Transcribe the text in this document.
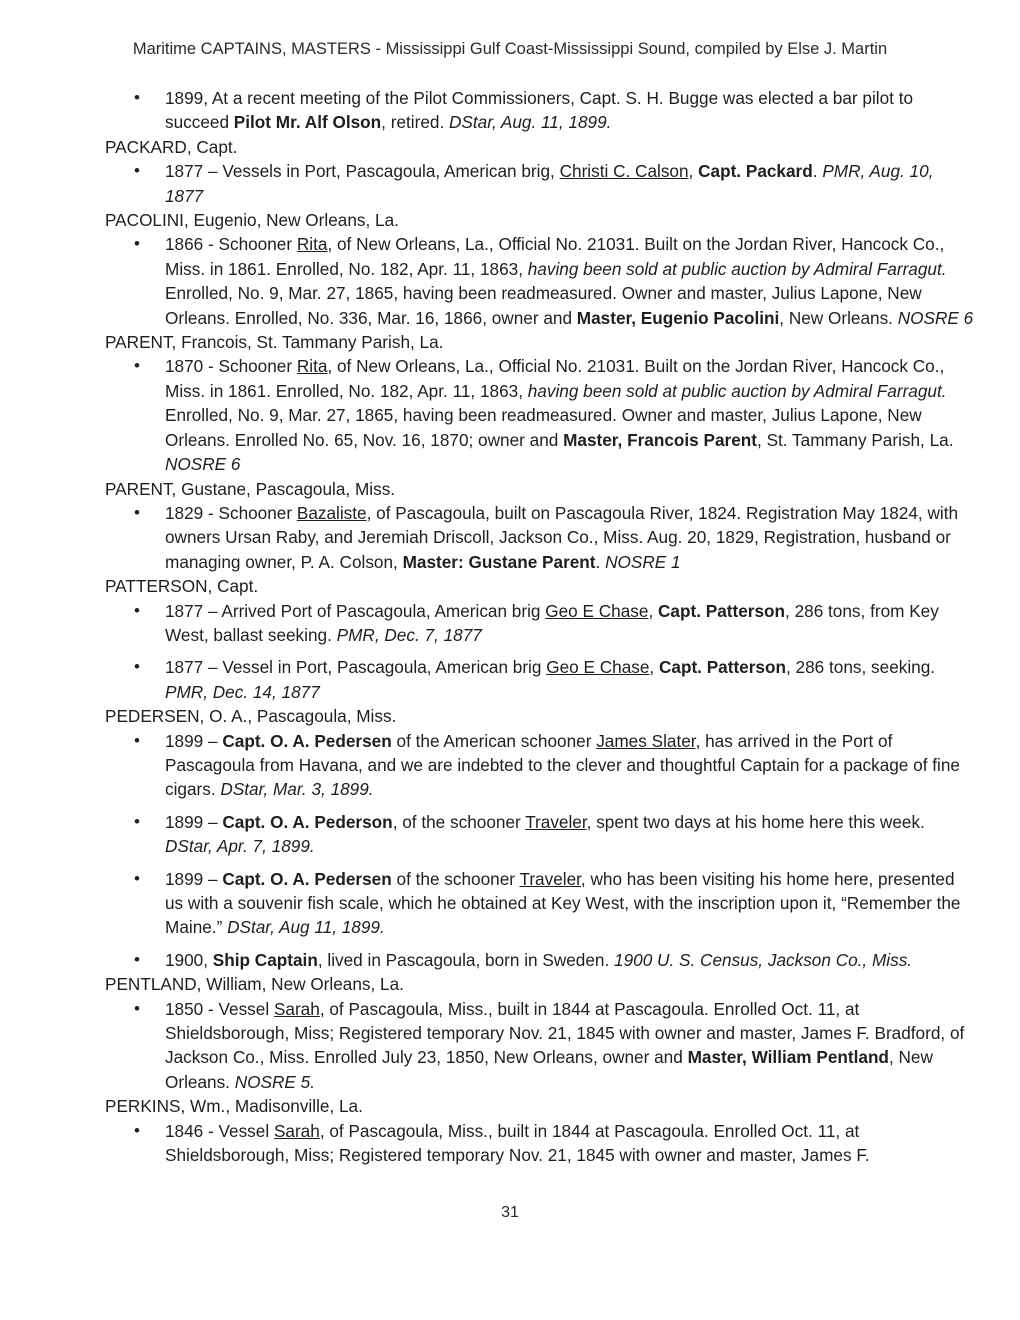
Maritime CAPTAINS, MASTERS - Mississippi Gulf Coast-Mississippi Sound, compiled by Else J. Martin
• 1899, At a recent meeting of the Pilot Commissioners, Capt. S. H. Bugge was elected a bar pilot to succeed Pilot Mr. Alf Olson, retired. DStar, Aug. 11, 1899.

PACKARD, Capt.

• 1877 – Vessels in Port, Pascagoula, American brig, Christi C. Calson, Capt. Packard. PMR, Aug. 10, 1877

PACOLINI, Eugenio, New Orleans, La.

• 1866 - Schooner Rita, of New Orleans, La., Official No. 21031. Built on the Jordan River, Hancock Co., Miss. in 1861. Enrolled, No. 182, Apr. 11, 1863, having been sold at public auction by Admiral Farragut. Enrolled, No. 9, Mar. 27, 1865, having been readmeasured. Owner and master, Julius Lapone, New Orleans. Enrolled, No. 336, Mar. 16, 1866, owner and Master, Eugenio Pacolini, New Orleans. NOSRE 6

PARENT, Francois, St. Tammany Parish, La.

• 1870 - Schooner Rita, of New Orleans, La., Official No. 21031. Built on the Jordan River, Hancock Co., Miss. in 1861. Enrolled, No. 182, Apr. 11, 1863, having been sold at public auction by Admiral Farragut. Enrolled, No. 9, Mar. 27, 1865, having been readmeasured. Owner and master, Julius Lapone, New Orleans. Enrolled No. 65, Nov. 16, 1870; owner and Master, Francois Parent, St. Tammany Parish, La. NOSRE 6

PARENT, Gustane, Pascagoula, Miss.

• 1829 - Schooner Bazaliste, of Pascagoula, built on Pascagoula River, 1824. Registration May 1824, with owners Ursan Raby, and Jeremiah Driscoll, Jackson Co., Miss. Aug. 20, 1829, Registration, husband or managing owner, P. A. Colson, Master: Gustane Parent. NOSRE 1

PATTERSON, Capt.

• 1877 – Arrived Port of Pascagoula, American brig Geo E Chase, Capt. Patterson, 286 tons, from Key West, ballast seeking. PMR, Dec. 7, 1877
• 1877 – Vessel in Port, Pascagoula, American brig Geo E Chase, Capt. Patterson, 286 tons, seeking. PMR, Dec. 14, 1877

PEDERSEN, O. A., Pascagoula, Miss.

• 1899 – Capt. O. A. Pedersen of the American schooner James Slater, has arrived in the Port of Pascagoula from Havana, and we are indebted to the clever and thoughtful Captain for a package of fine cigars. DStar, Mar. 3, 1899.
• 1899 – Capt. O. A. Pederson, of the schooner Traveler, spent two days at his home here this week. DStar, Apr. 7, 1899.
• 1899 – Capt. O. A. Pedersen of the schooner Traveler, who has been visiting his home here, presented us with a souvenir fish scale, which he obtained at Key West, with the inscription upon it, “Remember the Maine.” DStar, Aug 11, 1899.
• 1900, Ship Captain, lived in Pascagoula, born in Sweden. 1900 U. S. Census, Jackson Co., Miss.

PENTLAND, William, New Orleans, La.

• 1850 - Vessel Sarah, of Pascagoula, Miss., built in 1844 at Pascagoula. Enrolled Oct. 11, at Shieldsborough, Miss; Registered temporary Nov. 21, 1845 with owner and master, James F. Bradford, of Jackson Co., Miss. Enrolled July 23, 1850, New Orleans, owner and Master, William Pentland, New Orleans. NOSRE 5.

PERKINS, Wm., Madisonville, La.

• 1846 - Vessel Sarah, of Pascagoula, Miss., built in 1844 at Pascagoula. Enrolled Oct. 11, at Shieldsborough, Miss; Registered temporary Nov. 21, 1845 with owner and master, James F.
31
